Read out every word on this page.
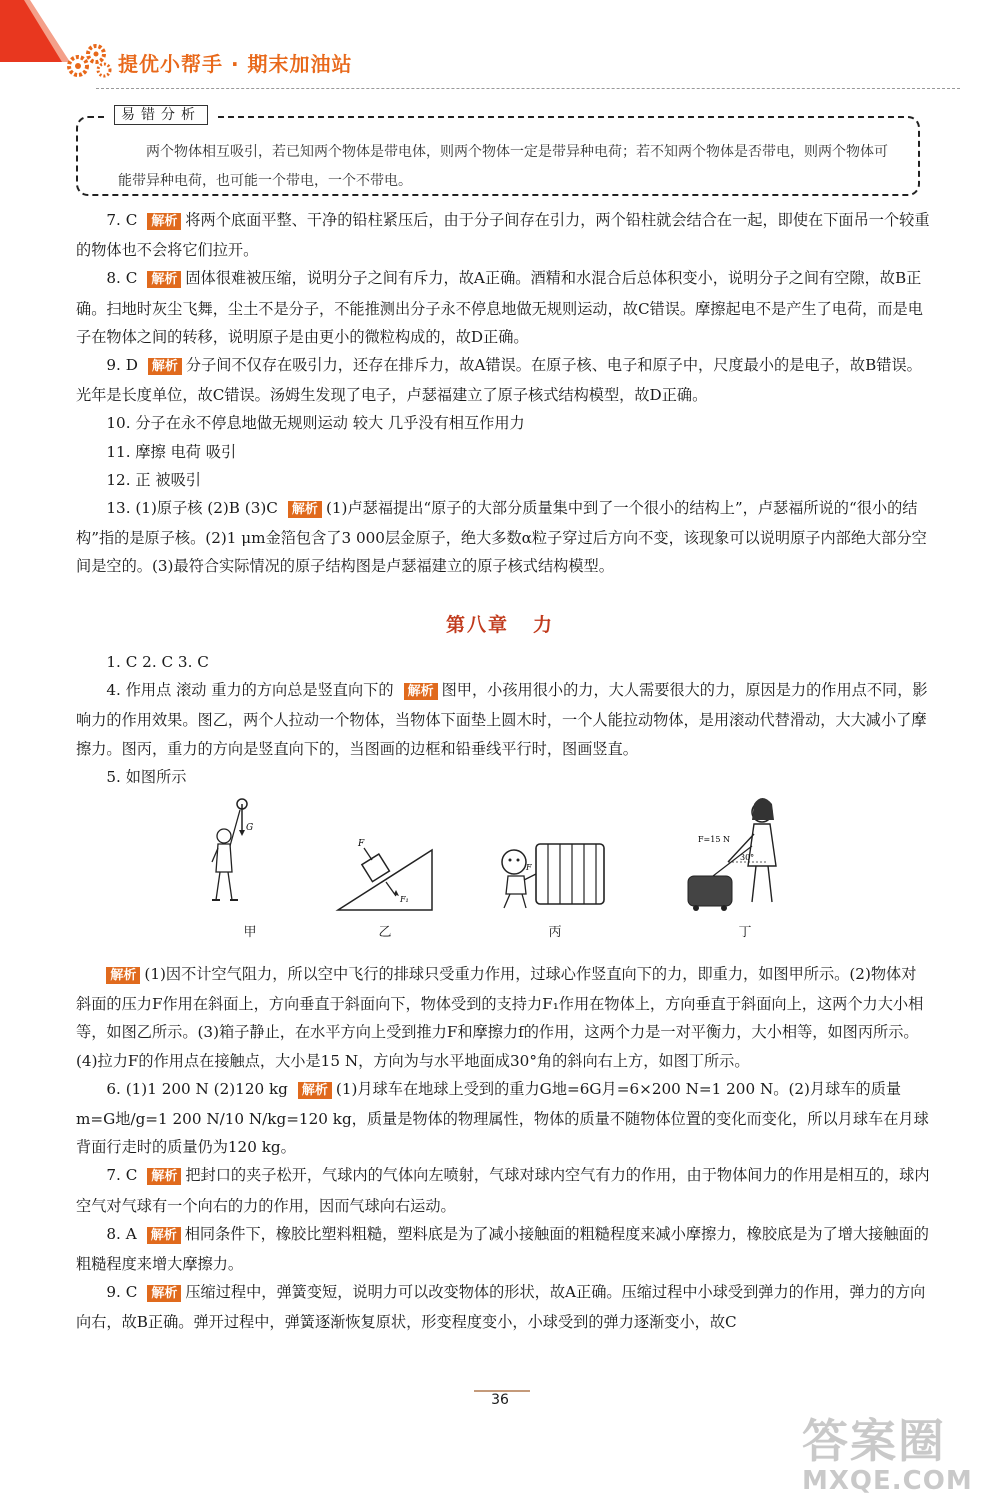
提优小帮手 · 期末加油站
易错分析
两个物体相互吸引，若已知两个物体是带电体，则两个物体一定是带异种电荷；若不知两个物体是否带电，则两个物体可能带异种电荷，也可能一个带电，一个不带电。

7. C 解析 将两个底面平整、干净的铅柱紧压后，由于分子间存在引力，两个铅柱就会结合在一起，即使在下面吊一个较重的物体也不会将它们拉开。

8. C 解析 固体很难被压缩，说明分子之间有斥力，故A正确。酒精和水混合后总体积变小，说明分子之间有空隙，故B正确。扫地时灰尘飞舞，尘土不是分子，不能推测出分子永不停息地做无规则运动，故C错误。摩擦起电不是产生了电荷，而是电子在物体之间的转移，说明原子是由更小的微粒构成的，故D正确。

9. D 解析 分子间不仅存在吸引力，还存在排斥力，故A错误。在原子核、电子和原子中，尺度最小的是电子，故B错误。光年是长度单位，故C错误。汤姆生发现了电子，卢瑟福建立了原子核式结构模型，故D正确。

10. 分子在永不停息地做无规则运动 较大 几乎没有相互作用力

11. 摩擦 电荷 吸引

12. 正 被吸引

13. (1)原子核 (2)B (3)C 解析 (1)卢瑟福提出“原子的大部分质量集中到了一个很小的结构上”，卢瑟福所说的“很小的结构”指的是原子核。(2)1 μm金箔包含了3 000层金原子，绝大多数α粒子穿过后方向不变，该现象可以说明原子内部绝大部分空间是空的。(3)最符合实际情况的原子结构图是卢瑟福建立的原子核式结构模型。

第八章 力

1. C 2. C 3. C

4. 作用点 滚动 重力的方向总是竖直向下的 解析 图甲，小孩用很小的力，大人需要很大的力，原因是力的作用点不同，影响力的作用效果。图乙，两个人拉动一个物体，当物体下面垫上圆木时，一个人能拉动物体，是用滚动代替滑动，大大减小了摩擦力。图丙，重力的方向是竖直向下的，当图画的边框和铅垂线平行时，图画竖直。

5. 如图所示

G
甲
F
F₁
乙
F
丙
F=15 N
30°
丁

解析 (1)因不计空气阻力，所以空中飞行的排球只受重力作用，过球心作竖直向下的力，即重力，如图甲所示。(2)物体对斜面的压力F作用在斜面上，方向垂直于斜面向下，物体受到的支持力F₁作用在物体上，方向垂直于斜面向上，这两个力大小相等，如图乙所示。(3)箱子静止，在水平方向上受到推力F和摩擦力f的作用，这两个力是一对平衡力，大小相等，如图丙所示。(4)拉力F的作用点在接触点，大小是15 N，方向为与水平地面成30°角的斜向右上方，如图丁所示。

6. (1)1 200 N (2)120 kg 解析 (1)月球车在地球上受到的重力G地=6G月=6×200 N=1 200 N。(2)月球车的质量m=G地/g=1 200 N/10 N/kg=120 kg，质量是物体的物理属性，物体的质量不随物体位置的变化而变化，所以月球车在月球背面行走时的质量仍为120 kg。

7. C 解析 把封口的夹子松开，气球内的气体向左喷射，气球对球内空气有力的作用，由于物体间力的作用是相互的，球内空气对气球有一个向右的力的作用，因而气球向右运动。

8. A 解析 相同条件下，橡胶比塑料粗糙，塑料底是为了减小接触面的粗糙程度来减小摩擦力，橡胶底是为了增大接触面的粗糙程度来增大摩擦力。

9. C 解析 压缩过程中，弹簧变短，说明力可以改变物体的形状，故A正确。压缩过程中小球受到弹力的作用，弹力的方向向右，故B正确。弹开过程中，弹簧逐渐恢复原状，形变程度变小，小球受到的弹力逐渐变小，故C

36
答案圈
MXQE.COM
